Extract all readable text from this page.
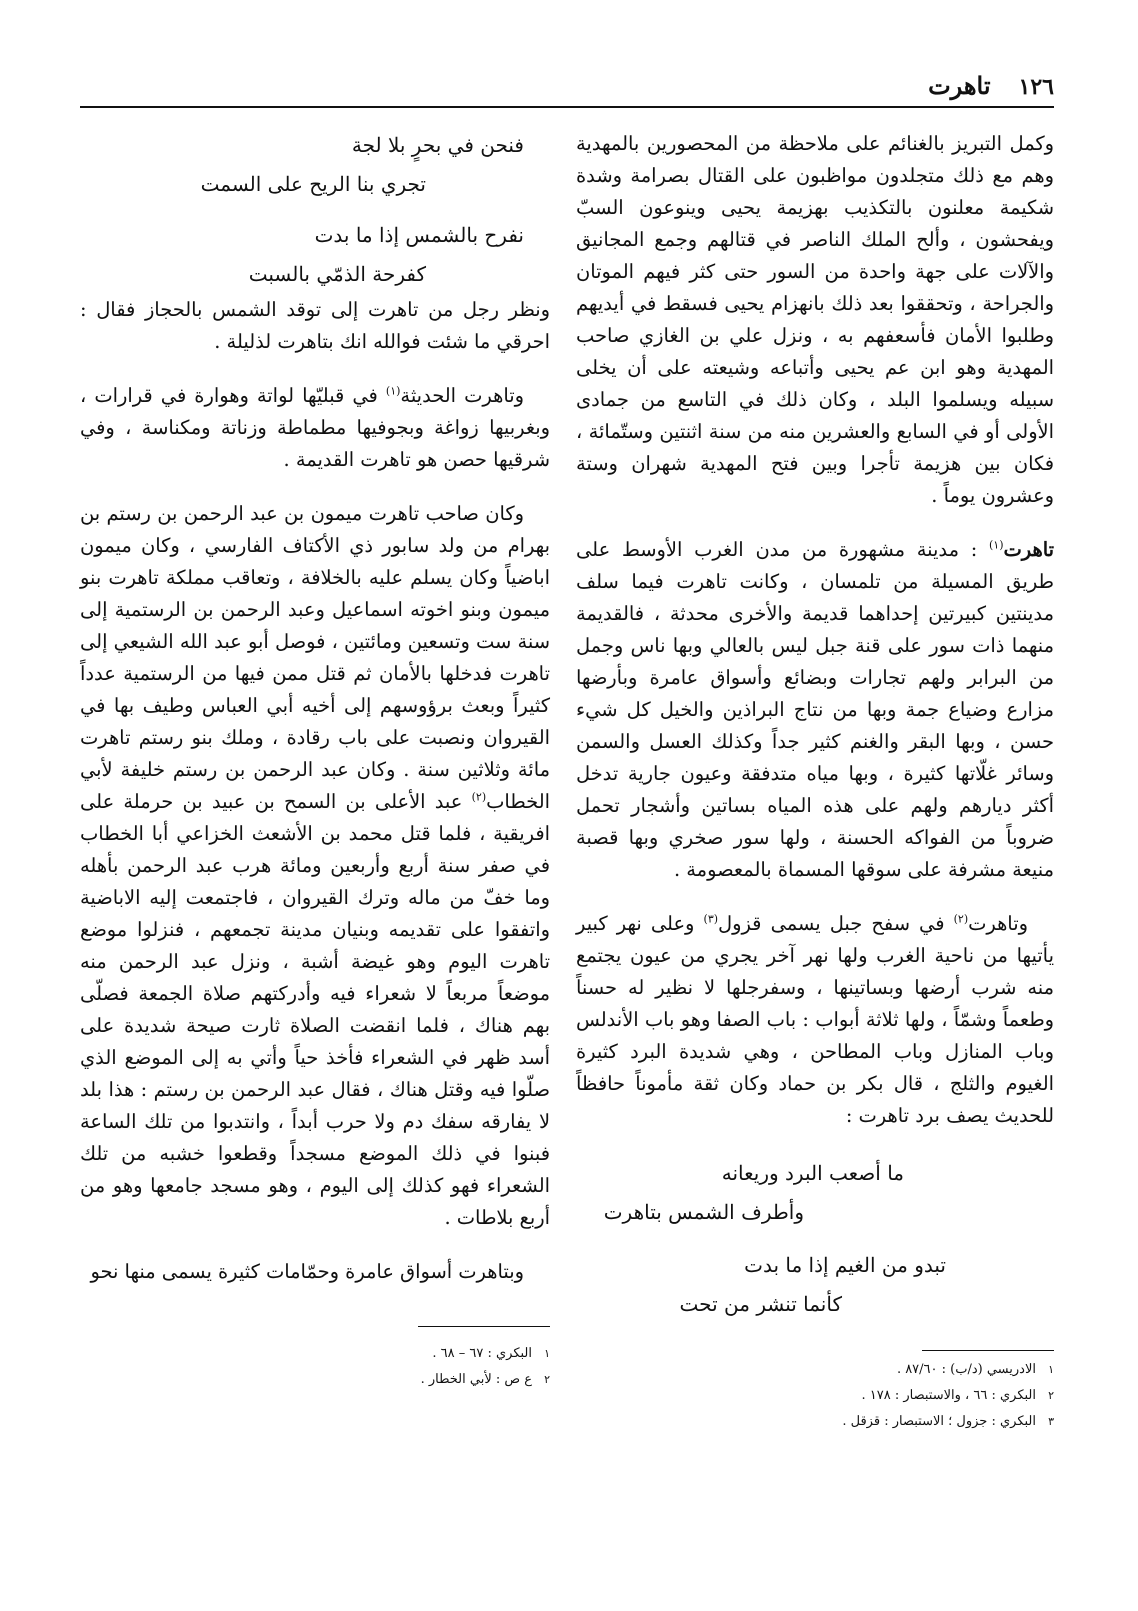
١٢٦
تاهرت

وكمل التبريز بالغنائم على ملاحظة من المحصورين بالمهدية وهم مع ذلك متجلدون مواظبون على القتال بصرامة وشدة شكيمة معلنون بالتكذيب بهزيمة يحيى وينوعون السبّ ويفحشون ، وألح الملك الناصر في قتالهم وجمع المجانيق والآلات على جهة واحدة من السور حتى كثر فيهم الموتان والجراحة ، وتحققوا بعد ذلك بانهزام يحيى فسقط في أيديهم وطلبوا الأمان فأسعفهم به ، ونزل علي بن الغازي صاحب المهدية وهو ابن عم يحيى وأتباعه وشيعته على أن يخلى سبيله ويسلموا البلد ، وكان ذلك في التاسع من جمادى الأولى أو في السابع والعشرين منه من سنة اثنتين وستّمائة ، فكان بين هزيمة تأجرا وبين فتح المهدية شهران وستة وعشرون يوماً .

تاهرت$^{(١)}$ : مدينة مشهورة من مدن الغرب الأوسط على طريق المسيلة من تلمسان ، وكانت تاهرت فيما سلف مدينتين كبيرتين إحداهما قديمة والأخرى محدثة ، فالقديمة منهما ذات سور على قنة جبل ليس بالعالي وبها ناس وجمل من البرابر ولهم تجارات وبضائع وأسواق عامرة وبأرضها مزارع وضياع جمة وبها من نتاج البراذين والخيل كل شيء حسن ، وبها البقر والغنم كثير جداً وكذلك العسل والسمن وسائر غلّاتها كثيرة ، وبها مياه متدفقة وعيون جارية تدخل أكثر ديارهم ولهم على هذه المياه بساتين وأشجار تحمل ضروباً من الفواكه الحسنة ، ولها سور صخري وبها قصبة منيعة مشرفة على سوقها المسماة بالمعصومة .

وتاهرت$^{(٢)}$ في سفح جبل يسمى قزول$^{(٣)}$ وعلى نهر كبير يأتيها من ناحية الغرب ولها نهر آخر يجري من عيون يجتمع منه شرب أرضها وبساتينها ، وسفرجلها لا نظير له حسناً وطعماً وشمّاً ، ولها ثلاثة أبواب : باب الصفا وهو باب الأندلس وباب المنازل وباب المطاحن ، وهي شديدة البرد كثيرة الغيوم والثلج ، قال بكر بن حماد وكان ثقة مأموناً حافظاً للحديث يصف برد تاهرت :

ما أصعب البرد وريعانه
وأطرف الشمس بتاهرت
تبدو من الغيم إذا ما بدت
كأنما تنشر من تحت
١الادريسي (د/ب) : ٨٧/٦٠ .
٢البكري : ٦٦ ، والاستبصار : ١٧٨ .
٣البكري : جزول ؛ الاستبصار : قزقل .
فنحن في بحرٍ بلا لجة
تجري بنا الريح على السمت
نفرح بالشمس إذا ما بدت
كفرحة الذمّي بالسبت

ونظر رجل من تاهرت إلى توقد الشمس بالحجاز فقال : احرقي ما شئت فوالله انك بتاهرت لذليلة .

وتاهرت الحديثة$^{(١)}$ في قبليّها لواتة وهوارة في قرارات ، وبغربيها زواغة وبجوفيها مطماطة وزناتة ومكناسة ، وفي شرقيها حصن هو تاهرت القديمة .

وكان صاحب تاهرت ميمون بن عبد الرحمن بن رستم بن بهرام من ولد سابور ذي الأكتاف الفارسي ، وكان ميمون اباضياً وكان يسلم عليه بالخلافة ، وتعاقب مملكة تاهرت بنو ميمون وبنو اخوته اسماعيل وعبد الرحمن بن الرستمية إلى سنة ست وتسعين ومائتين ، فوصل أبو عبد الله الشيعي إلى تاهرت فدخلها بالأمان ثم قتل ممن فيها من الرستمية عدداً كثيراً وبعث برؤوسهم إلى أخيه أبي العباس وطيف بها في القيروان ونصبت على باب رقادة ، وملك بنو رستم تاهرت مائة وثلاثين سنة . وكان عبد الرحمن بن رستم خليفة لأبي الخطاب$^{(٢)}$ عبد الأعلى بن السمح بن عبيد بن حرملة على افريقية ، فلما قتل محمد بن الأشعث الخزاعي أبا الخطاب في صفر سنة أربع وأربعين ومائة هرب عبد الرحمن بأهله وما خفّ من ماله وترك القيروان ، فاجتمعت إليه الاباضية واتفقوا على تقديمه وبنيان مدينة تجمعهم ، فنزلوا موضع تاهرت اليوم وهو غيضة أشبة ، ونزل عبد الرحمن منه موضعاً مربعاً لا شعراء فيه وأدركتهم صلاة الجمعة فصلّى بهم هناك ، فلما انقضت الصلاة ثارت صيحة شديدة على أسد ظهر في الشعراء فأخذ حياً وأتي به إلى الموضع الذي صلّوا فيه وقتل هناك ، فقال عبد الرحمن بن رستم : هذا بلد لا يفارقه سفك دم ولا حرب أبداً ، وانتدبوا من تلك الساعة فبنوا في ذلك الموضع مسجداً وقطعوا خشبه من تلك الشعراء فهو كذلك إلى اليوم ، وهو مسجد جامعها وهو من أربع بلاطات .

وبتاهرت أسواق عامرة وحمّامات كثيرة يسمى منها نحو

١البكري : ٦٧ – ٦٨ .
٢ع ص : لأبي الخطار .
